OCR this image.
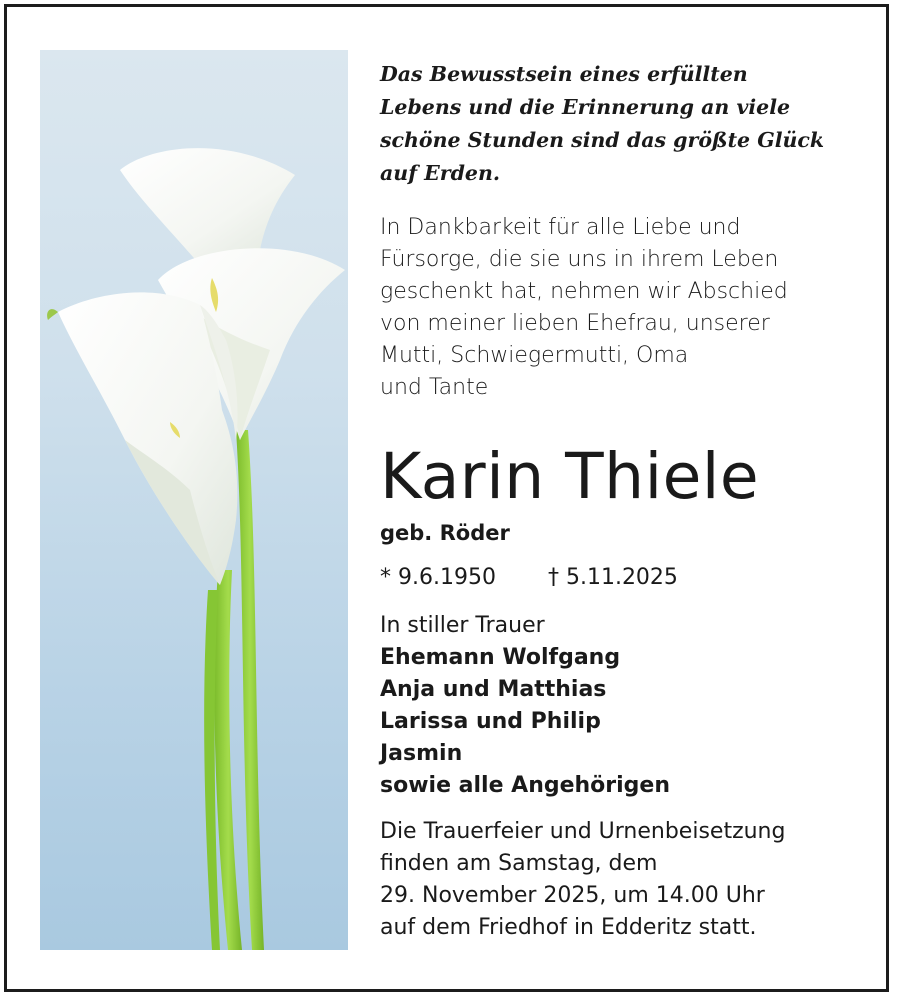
Das Bewusstsein eines erfüllten
Lebens und die Erinnerung an viele
schöne Stunden sind das größte Glück
auf Erden.
In Dankbarkeit für alle Liebe und
Fürsorge, die sie uns in ihrem Leben
geschenkt hat, nehmen wir Abschied
von meiner lieben Ehefrau, unserer
Mutti, Schwiegermutti, Oma
und Tante
Karin Thiele
geb. Röder
* 9.6.1950 † 5.11.2025
In stiller Trauer
Ehemann Wolfgang
Anja und Matthias
Larissa und Philip
Jasmin
sowie alle Angehörigen
Die Trauerfeier und Urnenbeisetzung
finden am Samstag, dem
29. November 2025, um 14.00 Uhr
auf dem Friedhof in Edderitz statt.
